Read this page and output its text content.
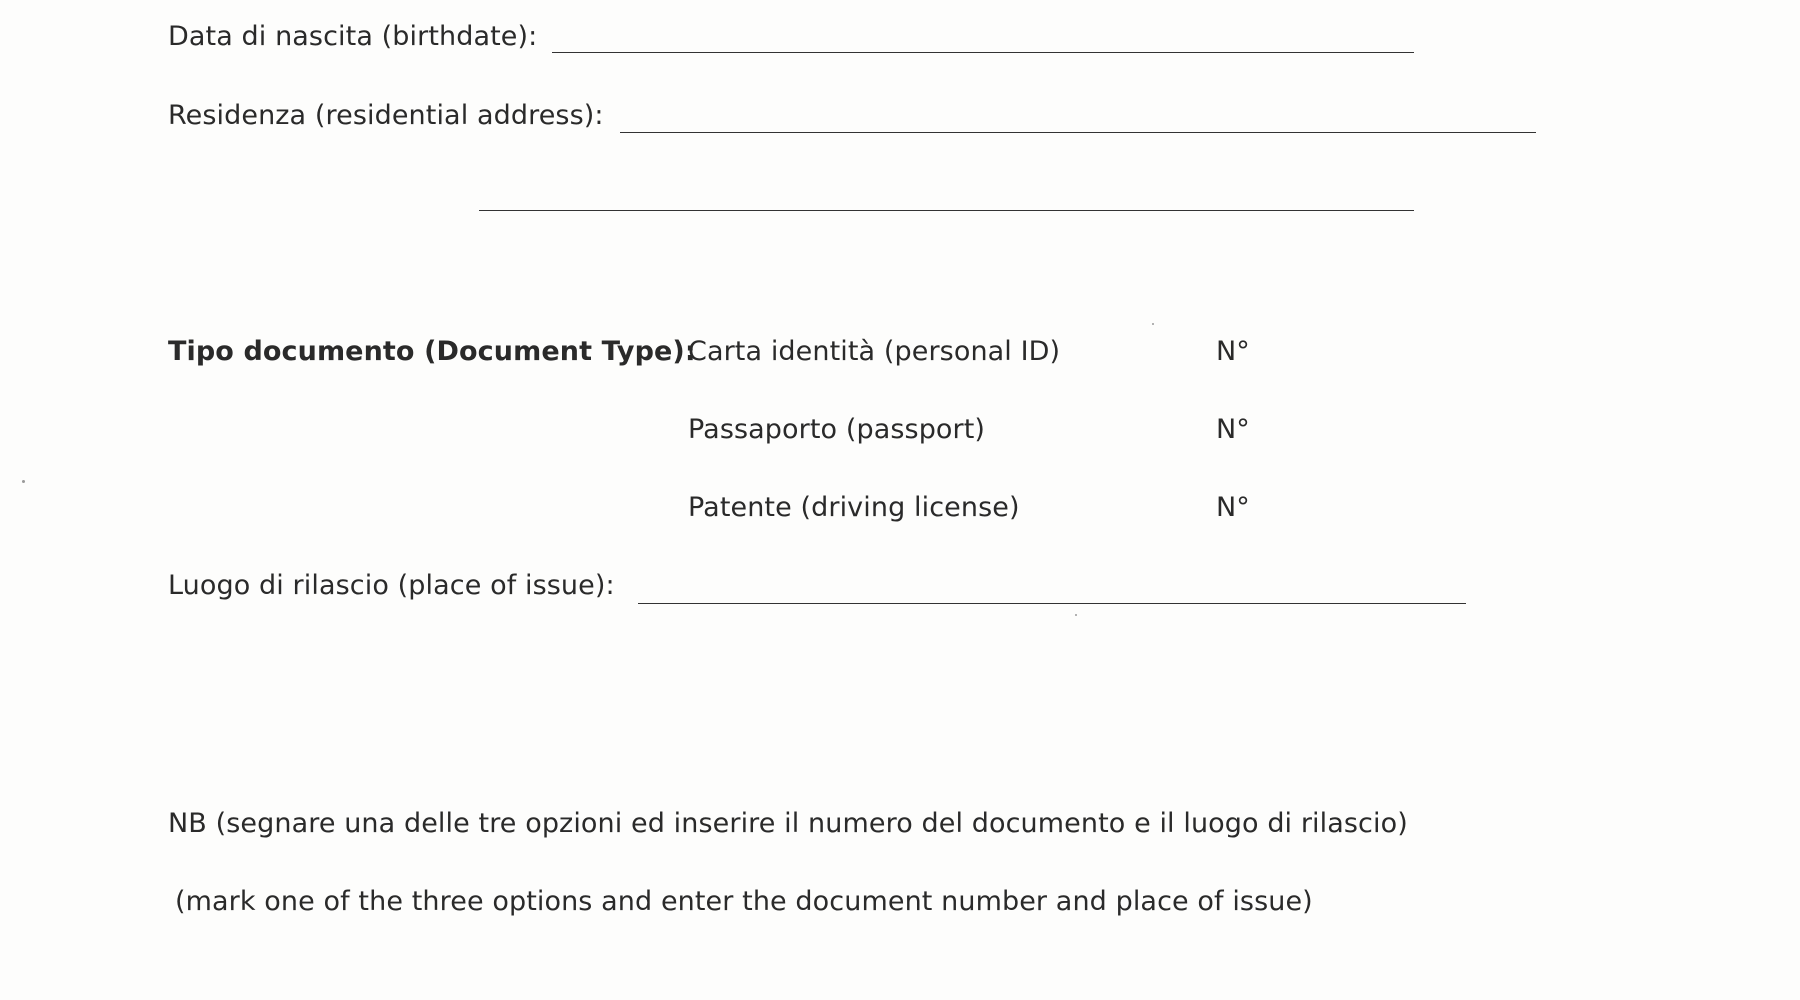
Data di nascita (birthdate):
Residenza (residential address):
Tipo documento (Document Type):
Carta identità (personal ID)	N°
Passaporto (passport)	N°
Patente (driving license)	N°
Luogo di rilascio (place of issue):
NB (segnare una delle tre opzioni ed inserire il numero del documento e il luogo di rilascio)
(mark one of the three options and enter the document number and place of issue)
